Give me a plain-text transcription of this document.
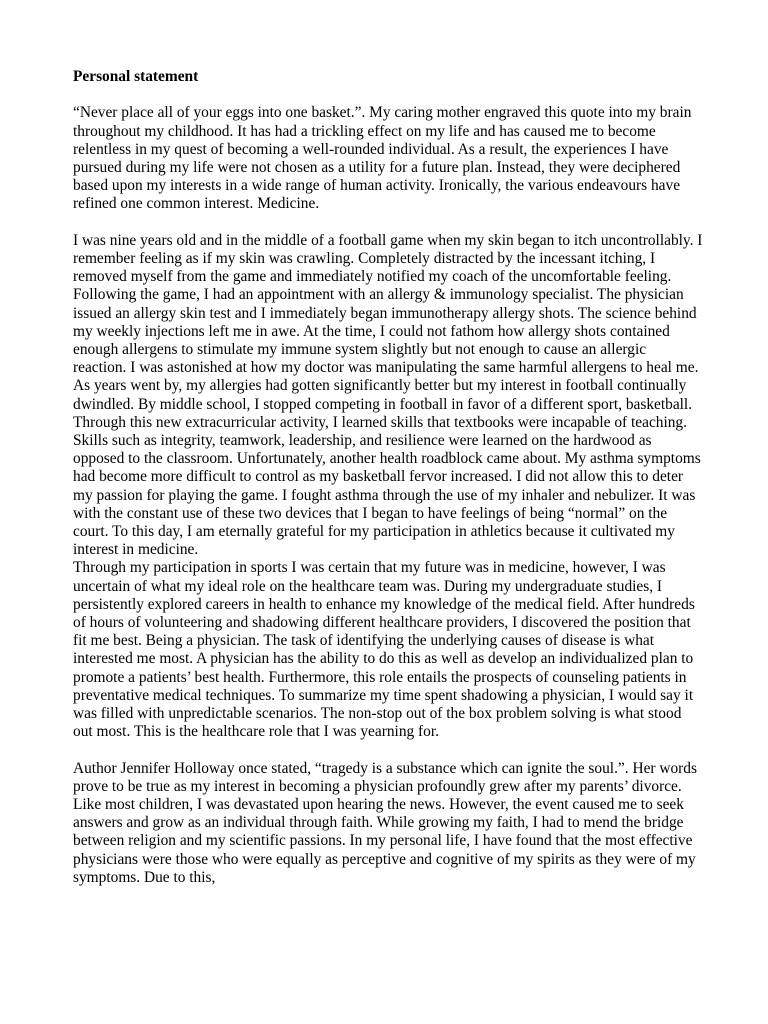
Personal statement

“Never place all of your eggs into one basket.”. My caring mother engraved this quote into my brain throughout my childhood. It has had a trickling effect on my life and has caused me to become relentless in my quest of becoming a well-rounded individual. As a result, the experiences I have pursued during my life were not chosen as a utility for a future plan. Instead, they were deciphered based upon my interests in a wide range of human activity. Ironically, the various endeavours have refined one common interest. Medicine.

I was nine years old and in the middle of a football game when my skin began to itch uncontrollably. I remember feeling as if my skin was crawling. Completely distracted by the incessant itching, I removed myself from the game and immediately notified my coach of the uncomfortable feeling. Following the game, I had an appointment with an allergy & immunology specialist. The physician issued an allergy skin test and I immediately began immunotherapy allergy shots. The science behind my weekly injections left me in awe. At the time, I could not fathom how allergy shots contained enough allergens to stimulate my immune system slightly but not enough to cause an allergic reaction. I was astonished at how my doctor was manipulating the same harmful allergens to heal me. As years went by, my allergies had gotten significantly better but my interest in football continually dwindled. By middle school, I stopped competing in football in favor of a different sport, basketball. Through this new extracurricular activity, I learned skills that textbooks were incapable of teaching. Skills such as integrity, teamwork, leadership, and resilience were learned on the hardwood as opposed to the classroom. Unfortunately, another health roadblock came about. My asthma symptoms had become more difficult to control as my basketball fervor increased. I did not allow this to deter my passion for playing the game. I fought asthma through the use of my inhaler and nebulizer. It was with the constant use of these two devices that I began to have feelings of being “normal” on the court. To this day, I am eternally grateful for my participation in athletics because it cultivated my interest in medicine.

Through my participation in sports I was certain that my future was in medicine, however, I was uncertain of what my ideal role on the healthcare team was. During my undergraduate studies, I persistently explored careers in health to enhance my knowledge of the medical field. After hundreds of hours of volunteering and shadowing different healthcare providers, I discovered the position that fit me best. Being a physician. The task of identifying the underlying causes of disease is what interested me most. A physician has the ability to do this as well as develop an individualized plan to promote a patients’ best health. Furthermore, this role entails the prospects of counseling patients in preventative medical techniques. To summarize my time spent shadowing a physician, I would say it was filled with unpredictable scenarios. The non-stop out of the box problem solving is what stood out most. This is the healthcare role that I was yearning for.

Author Jennifer Holloway once stated, “tragedy is a substance which can ignite the soul.”. Her words prove to be true as my interest in becoming a physician profoundly grew after my parents’ divorce. Like most children, I was devastated upon hearing the news. However, the event caused me to seek answers and grow as an individual through faith. While growing my faith, I had to mend the bridge between religion and my scientific passions. In my personal life, I have found that the most effective physicians were those who were equally as perceptive and cognitive of my spirits as they were of my symptoms. Due to this,
